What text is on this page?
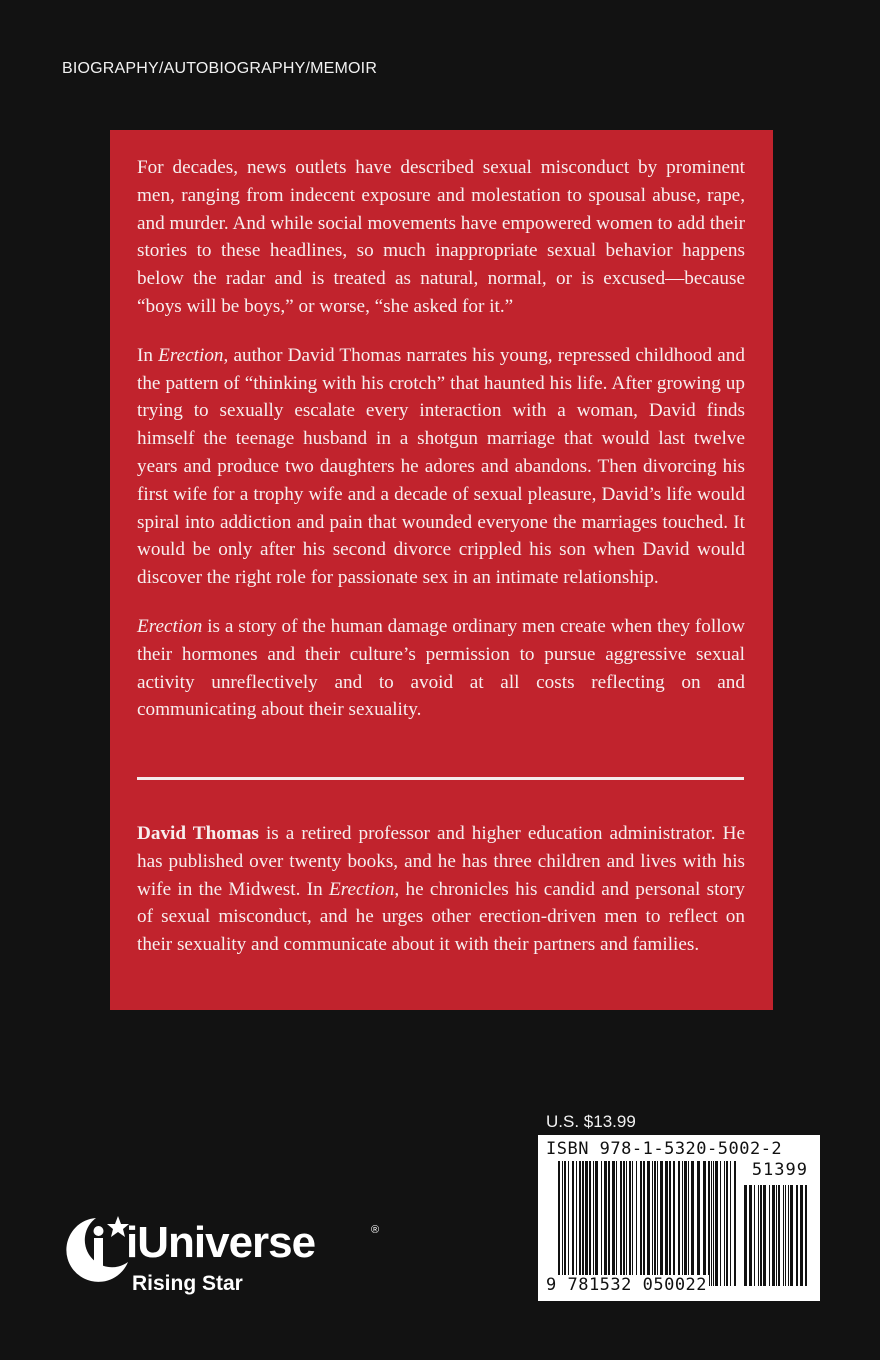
BIOGRAPHY/AUTOBIOGRAPHY/MEMOIR

For decades, news outlets have described sexual misconduct by prominent men, ranging from indecent exposure and molestation to spousal abuse, rape, and murder. And while social movements have empowered women to add their stories to these headlines, so much inappropriate sexual behavior happens below the radar and is treated as natural, normal, or is excused—because “boys will be boys,” or worse, “she asked for it.”

In Erection, author David Thomas narrates his young, repressed childhood and the pattern of “thinking with his crotch” that haunted his life. After growing up trying to sexually escalate every interaction with a woman, David finds himself the teenage husband in a shotgun marriage that would last twelve years and produce two daughters he adores and abandons. Then divorcing his first wife for a trophy wife and a decade of sexual pleasure, David’s life would spiral into addiction and pain that wounded everyone the marriages touched. It would be only after his second divorce crippled his son when David would discover the right role for passionate sex in an intimate relationship.

Erection is a story of the human damage ordinary men create when they follow their hormones and their culture’s permission to pursue aggressive sexual activity unreflectively and to avoid at all costs reflecting on and communicating about their sexuality.

David Thomas is a retired professor and higher education administrator. He has published over twenty books, and he has three children and lives with his wife in the Midwest. In Erection, he chronicles his candid and personal story of sexual misconduct, and he urges other erection-driven men to reflect on their sexuality and communicate about it with their partners and families.

U.S. $13.99
ISBN 978-1-5320-5002-2
51399
9 781532 050022
iUniverse	®
Rising Star
